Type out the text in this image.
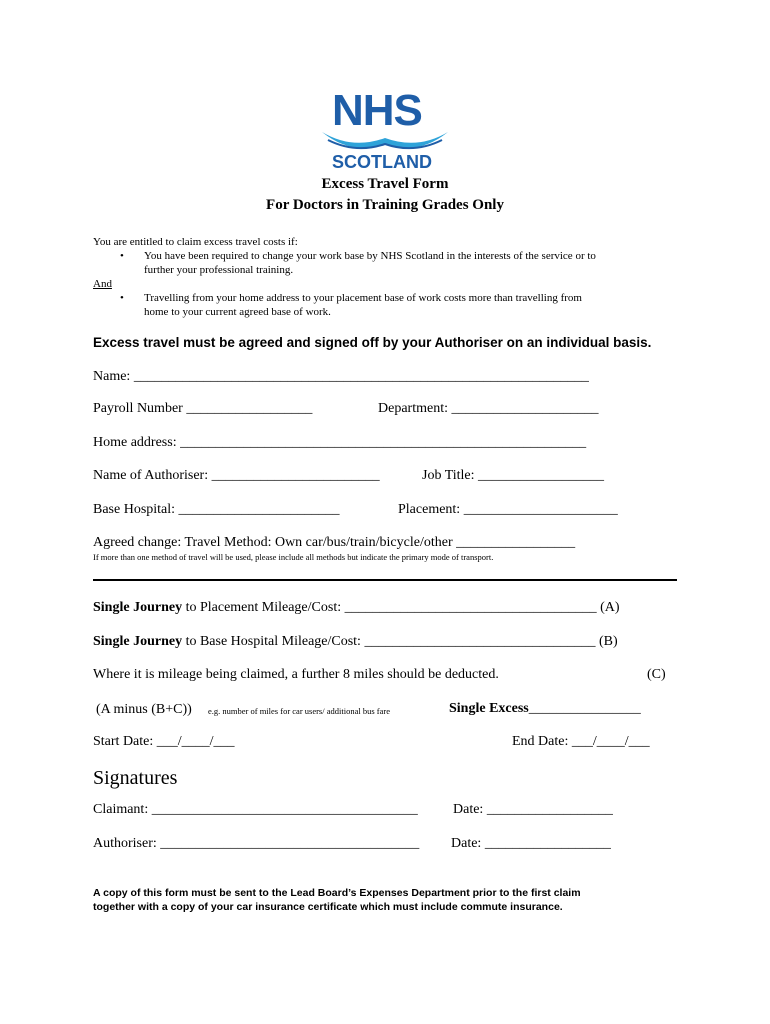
NHS
SCOTLAND
Excess Travel Form
For Doctors in Training Grades Only
You are entitled to claim excess travel costs if:
• You have been required to change your work base by NHS Scotland in the interests of the service or to
further your professional training.
And
• Travelling from your home address to your placement base of work costs more than travelling from
home to your current agreed base of work.
Excess travel must be agreed and signed off by your Authoriser on an individual basis.
Name: _________________________________________________________________
Payroll Number __________________	Department: _____________________
Home address: __________________________________________________________
Name of Authoriser: ________________________	Job Title: __________________
Base Hospital: _______________________	Placement: ______________________
Agreed change: Travel Method: Own car/bus/train/bicycle/other _________________
If more than one method of travel will be used, please include all methods but indicate the primary mode of transport.
Single Journey to Placement Mileage/Cost: ____________________________________ (A)
Single Journey to Base Hospital Mileage/Cost: _________________________________ (B)
Where it is mileage being claimed, a further 8 miles should be deducted.	(C)
(A minus (B+C)) e.g. number of miles for car users/ additional bus fare	Single Excess________________
Start Date: ___/____/___	End Date: ___/____/___
Signatures
Claimant: ______________________________________	Date: __________________
Authoriser: _____________________________________ Date: __________________
A copy of this form must be sent to the Lead Board’s Expenses Department prior to the first claim
together with a copy of your car insurance certificate which must include commute insurance.
